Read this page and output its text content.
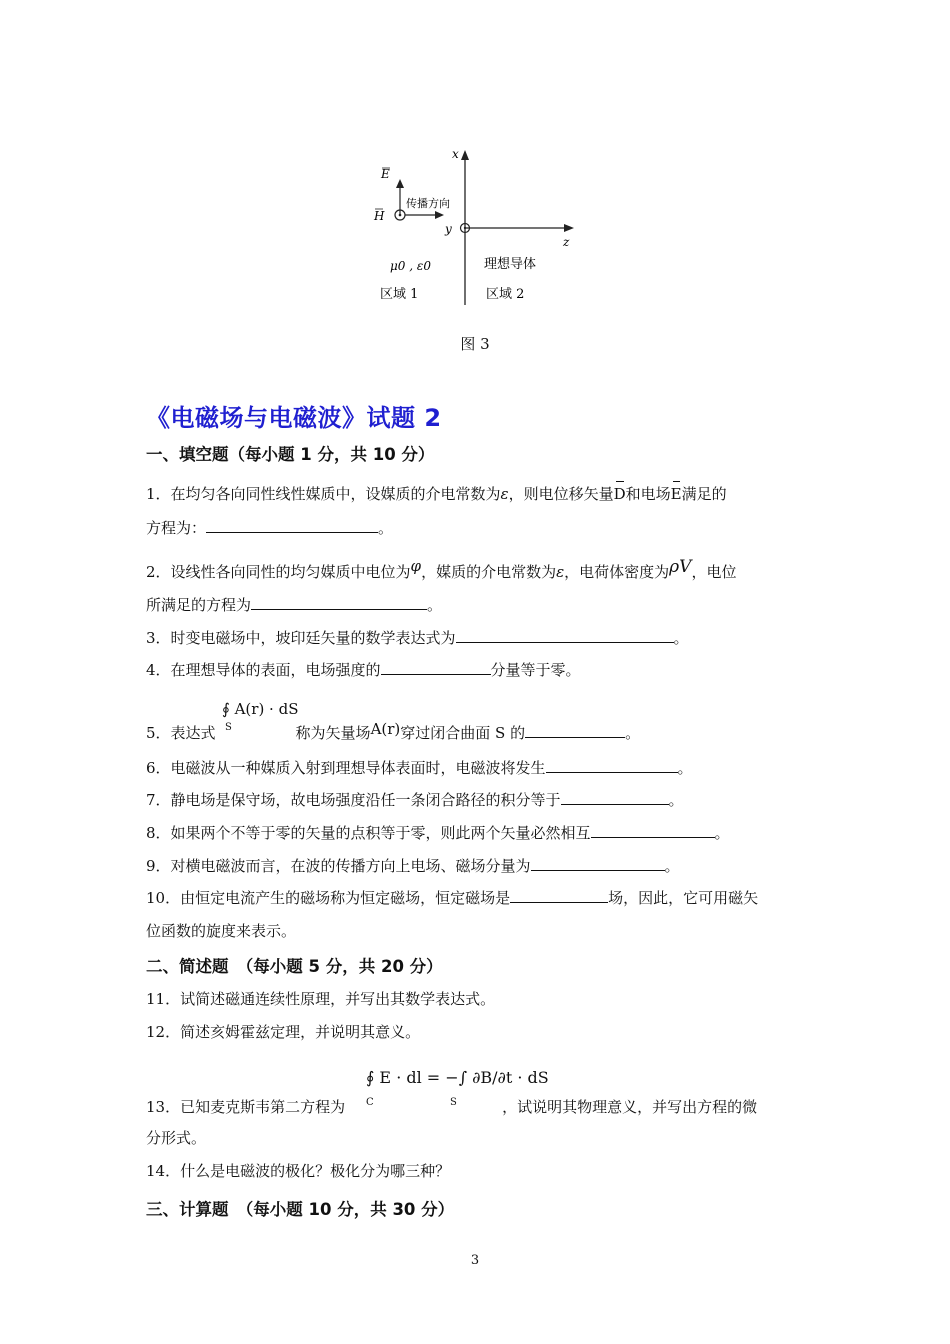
x
z
y
E
H
传播方向
μ0 , ε0	理想导体
区域 1	区域 2
图 3
《电磁场与电磁波》试题 2
一、填空题（每小题 1 分，共 10 分）
1．在均匀各向同性线性媒质中，设媒质的介电常数为ε，则电位移矢量D和电场E满足的
方程为：	。
2．设线性各向同性的均匀媒质中电位为φ，媒质的介电常数为ε，电荷体密度为ρV，电位
所满足的方程为	。
3．时变电磁场中，坡印廷矢量的数学表达式为	。
4．在理想导体的表面，电场强度的	分量等于零。
∮ A(r) · dS
S
5．表达式	称为矢量场A(r)穿过闭合曲面 S 的	。
6．电磁波从一种媒质入射到理想导体表面时，电磁波将发生	。
7．静电场是保守场，故电场强度沿任一条闭合路径的积分等于	。
8．如果两个不等于零的矢量的点积等于零，则此两个矢量必然相互	。
9．对横电磁波而言，在波的传播方向上电场、磁场分量为	。
10．由恒定电流产生的磁场称为恒定磁场，恒定磁场是	场，因此，它可用磁矢
位函数的旋度来表示。
二、简述题　（每小题 5 分，共 20 分）
11．试简述磁通连续性原理，并写出其数学表达式。
12．简述亥姆霍兹定理，并说明其意义。
∮ E · dl = −∫ ∂B/∂t · dS
C	S
13．已知麦克斯韦第二方程为	，试说明其物理意义，并写出方程的微
分形式。
14．什么是电磁波的极化？极化分为哪三种？
三、计算题　（每小题 10 分，共 30 分）
3
